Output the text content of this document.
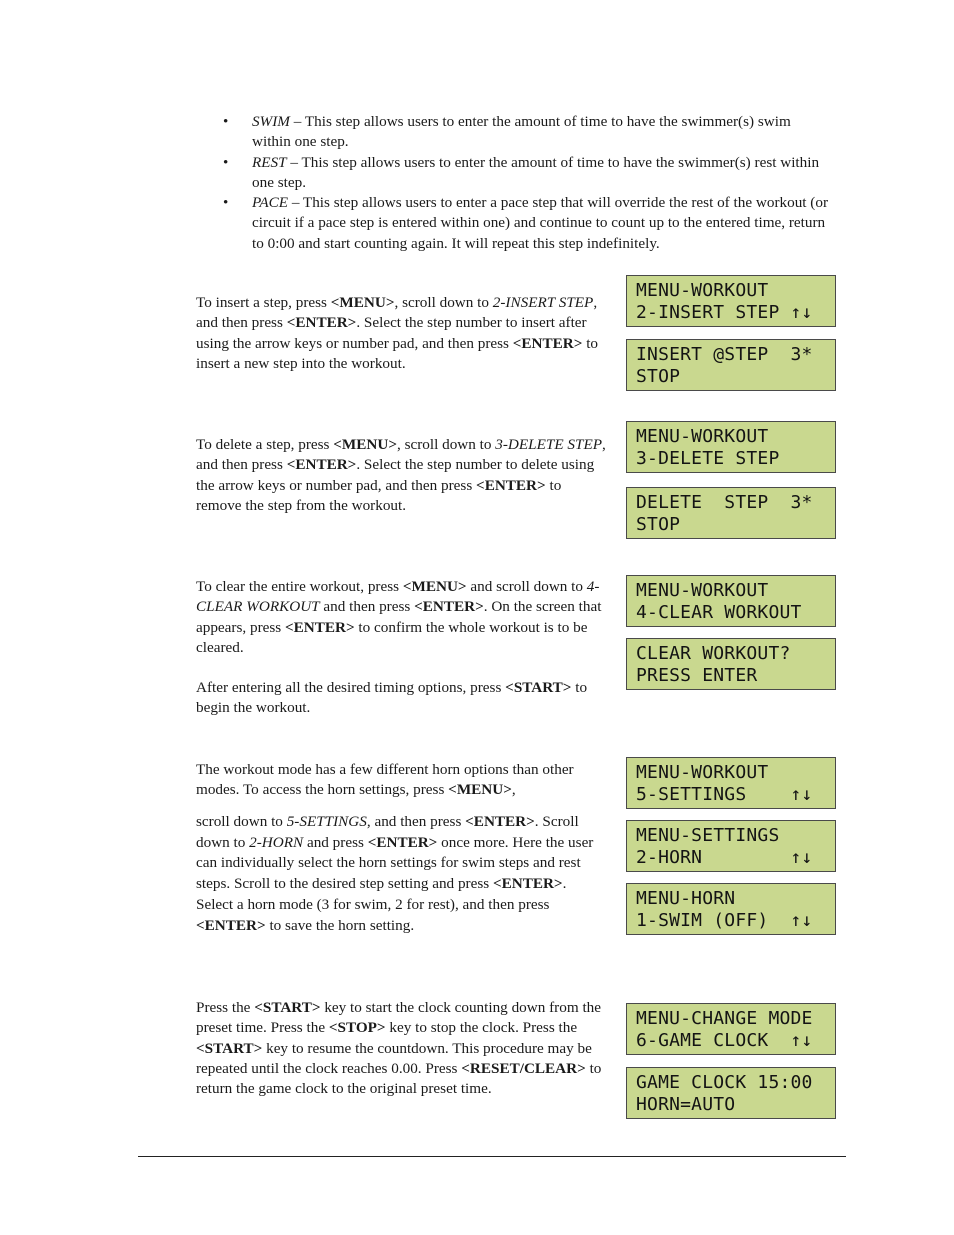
• SWIM – This step allows users to enter the amount of time to have the swimmer(s) swim within one step.
• REST – This step allows users to enter the amount of time to have the swimmer(s) rest within one step.
• PACE – This step allows users to enter a pace step that will override the rest of the workout (or circuit if a pace step is entered within one) and continue to count up to the entered time, return to 0:00 and start counting again. It will repeat this step indefinitely.

To insert a step, press <MENU>, scroll down to 2-INSERT STEP, and then press <ENTER>. Select the step number to insert after using the arrow keys or number pad, and then press <ENTER> to insert a new step into the workout.

To delete a step, press <MENU>, scroll down to 3-DELETE STEP, and then press <ENTER>. Select the step number to delete using the arrow keys or number pad, and then press <ENTER> to remove the step from the workout.

To clear the entire workout, press <MENU> and scroll down to 4-CLEAR WORKOUT and then press <ENTER>. On the screen that appears, press <ENTER> to confirm the whole workout is to be cleared.

After entering all the desired timing options, press <START> to begin the workout.

The workout mode has a few different horn options than other modes. To access the horn settings, press <MENU>,

scroll down to 5-SETTINGS, and then press <ENTER>. Scroll down to 2-HORN and press <ENTER> once more. Here the user can individually select the horn settings for swim steps and rest steps. Scroll to the desired step setting and press <ENTER>. Select a horn mode (3 for swim, 2 for rest), and then press <ENTER> to save the horn setting.

Press the <START> key to start the clock counting down from the preset time. Press the <STOP> key to stop the clock. Press the <START> key to resume the countdown. This procedure may be repeated until the clock reaches 0.00. Press <RESET/CLEAR> to return the game clock to the original preset time.

MENU-WORKOUT
2-INSERT STEP ↑↓
INSERT @STEP  3*
STOP
MENU-WORKOUT
3-DELETE STEP
DELETE  STEP  3*
STOP
MENU-WORKOUT
4-CLEAR WORKOUT
CLEAR WORKOUT?
PRESS ENTER
MENU-WORKOUT
5-SETTINGS    ↑↓
MENU-SETTINGS
2-HORN        ↑↓
MENU-HORN
1-SWIM (OFF)  ↑↓
MENU-CHANGE MODE
6-GAME CLOCK  ↑↓
GAME CLOCK 15:00
HORN=AUTO
